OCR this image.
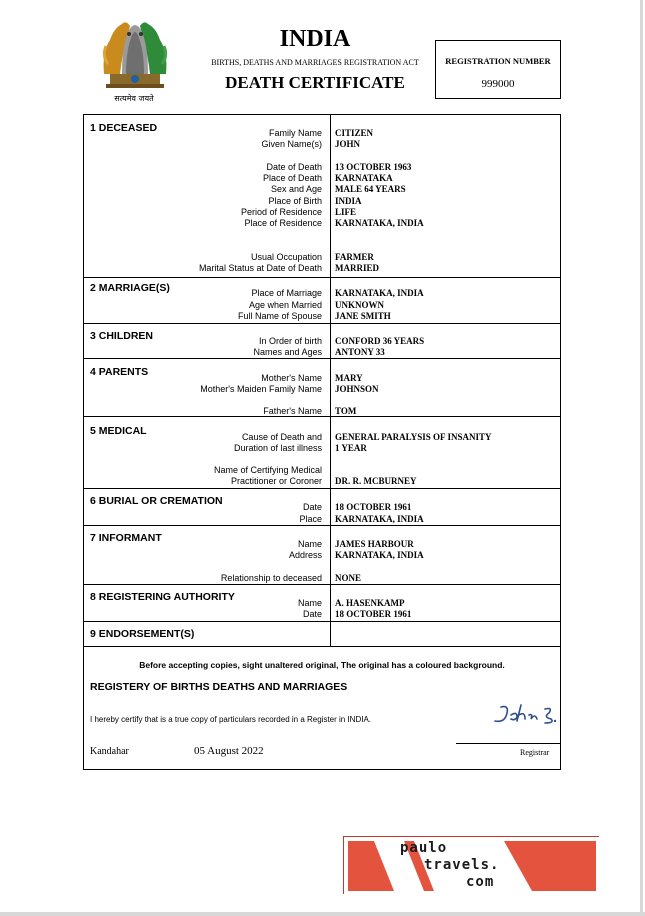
सत्यमेव जयते
INDIA
BIRTHS, DEATHS AND MARRIAGES REGISTRATION ACT
DEATH CERTIFICATE
REGISTRATION NUMBER
999000
1 DECEASED	Family Name CITIZEN
Given Name(s) JOHN
Date of Death 13 OCTOBER 1963
Place of Death KARNATAKA
Sex and Age MALE 64 YEARS
Place of Birth INDIA
Period of Residence LIFE
Place of Residence KARNATAKA, INDIA
Usual Occupation FARMER
Marital Status at Date of Death MARRIED
2 MARRIAGE(S)	Place of Marriage KARNATAKA, INDIA
Age when Married UNKNOWN
Full Name of Spouse JANE SMITH
3 CHILDREN	In Order of birth CONFORD 36 YEARS
Names and Ages ANTONY 33
4 PARENTS	Mother's Name MARY
Mother's Maiden Family Name JOHNSON
Father's Name TOM
5 MEDICAL	Cause of Death and GENERAL PARALYSIS OF INSANITY
Duration of last illness 1 YEAR
Name of Certifying Medical
Practitioner or Coroner DR. R. MCBURNEY
6 BURIAL OR CREMATION	Date 18 OCTOBER 1961
Place KARNATAKA, INDIA
7 INFORMANT	Name JAMES HARBOUR
Address KARNATAKA, INDIA
Relationship to deceased NONE
8 REGISTERING AUTHORITY	Name A. HASENKAMP
Date 18 OCTOBER 1961
9 ENDORSEMENT(S)
Before accepting copies, sight unaltered original, The original has a coloured background.
REGISTERY OF BIRTHS DEATHS AND MARRIAGES
I hereby certify that is a true copy of particulars recorded in a Register in INDIA.
Kandahar	05 August 2022	Registrar
paulo
travels.
com
